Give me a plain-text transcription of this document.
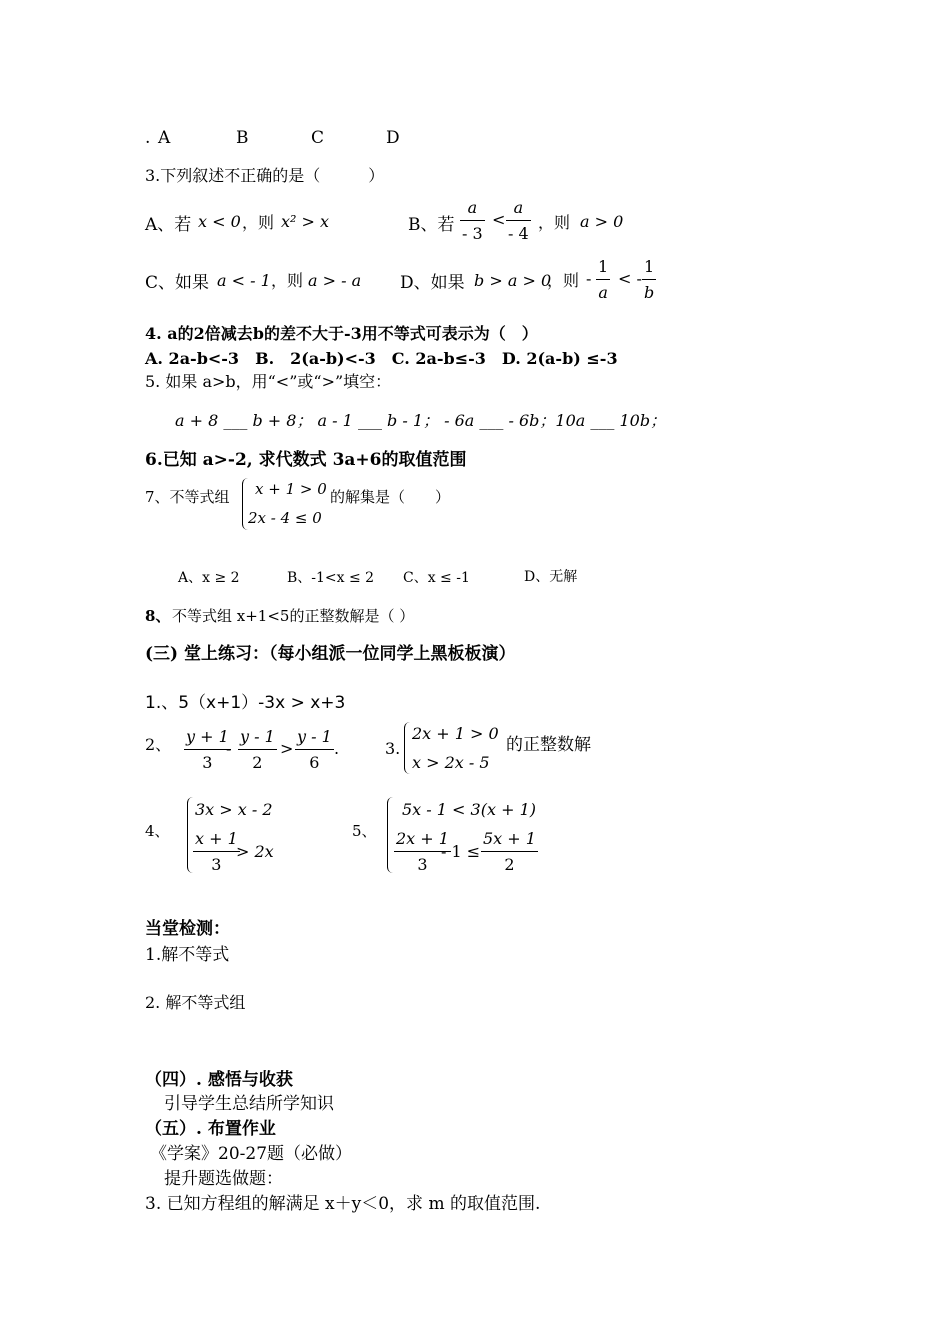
. A	B	C	D
3.下列叙述不正确的是（　　　）
A、若 x < 0 ，则 x² > x	B、若
a
- 3
<
a
- 4
，则 a > 0
C、如果 a < - 1 ，则 a > - a D、如果 b > a > 0
，则 -
1
a
< -
1
b
4. a的2倍减去b的差不大于-3用不等式可表示为（　）
A. 2a-b<-3　B.　2(a-b)<-3　C. 2a-b≤-3　D. 2(a-b) ≤-3
5. 如果 a>b，用“<”或“>”填空：
a + 8 ___ b + 8； a - 1 ___ b - 1； - 6a ___ - 6b；10a ___ 10b；
6.已知 a>-2, 求代数式 3a+6的取值范围
7、不等式组 x + 1 > 0
2x - 4 ≤ 0
的解集是（　　）
A、x ≥ 2	B、-1<x ≤ 2 C、x ≤ -1	D、无解
8、 不等式组 x+1<5的正整数解是（ ）
(三) 堂上练习：（每小组派一位同学上黑板板演）
1.、5（x+1）-3x > x+3
2、 y + 1
3
-
y - 1
2
>
y - 1
6
.	3.
2x + 1 > 0
x > 2x - 5
的正整数解
4、
3x > x - 2
x + 1
3
> 2x
5、
5x - 1 < 3(x + 1)
2x + 1
3
- 1 ≤
5x + 1
2
当堂检测：
1.解不等式
2. 解不等式组
（四）. 感悟与收获
引导学生总结所学知识
（五）. 布置作业
《学案》20-27题（必做）
提升题选做题：
3. 已知方程组的解满足 x＋y＜0，求 m 的取值范围.
